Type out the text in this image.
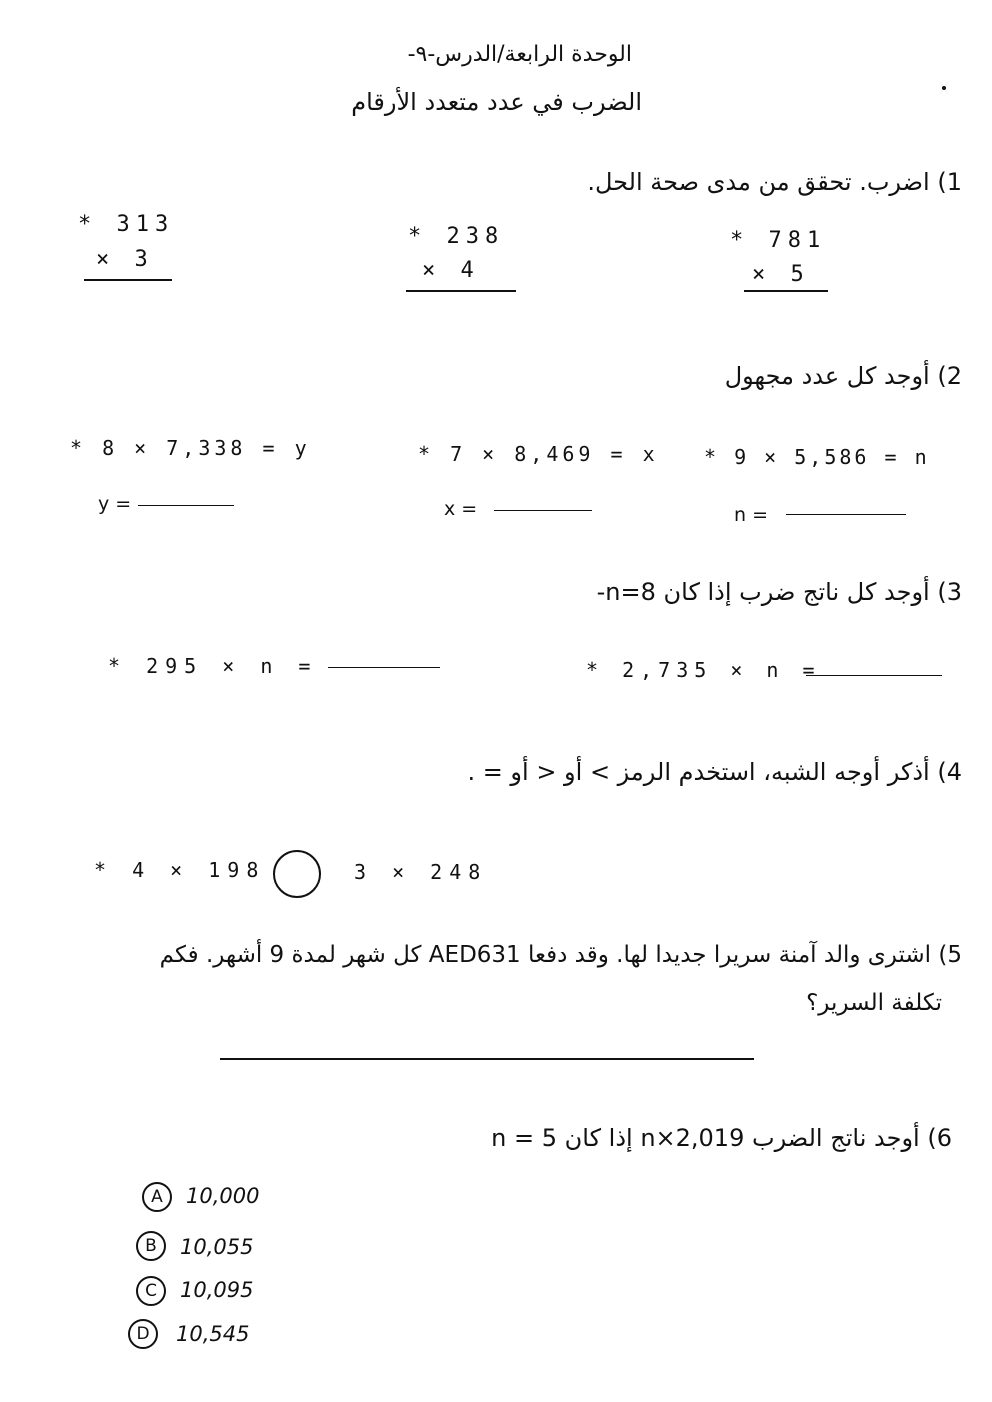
الوحدة الرابعة/الدرس-٩-
الضرب في عدد متعدد الأرقام
1) اضرب. تحقق من مدى صحة الحل.
* 313
× 3
* 238
× 4
* 781
× 5
2) أوجد كل عدد مجهول
* 8 × 7,338 = y
y =
* 7 × 8,469 = x
x =
* 9 × 5,586 = n
n =
3) أوجد كل ناتج ضرب إذا كان n=8-
* 295 × n =	* 2,735 × n =
4) أذكر أوجه الشبه، استخدم الرمز > أو < أو = .
* 4 × 198	3 × 248
5) اشترى والد آمنة سريرا جديدا لها. وقد دفعا AED631 كل شهر لمدة 9 أشهر. فكم
تكلفة السرير؟
6) أوجد ناتج الضرب n×2,019 إذا كان n = 5
A	10,000
B	10,055
C	10,095
D	10,545
